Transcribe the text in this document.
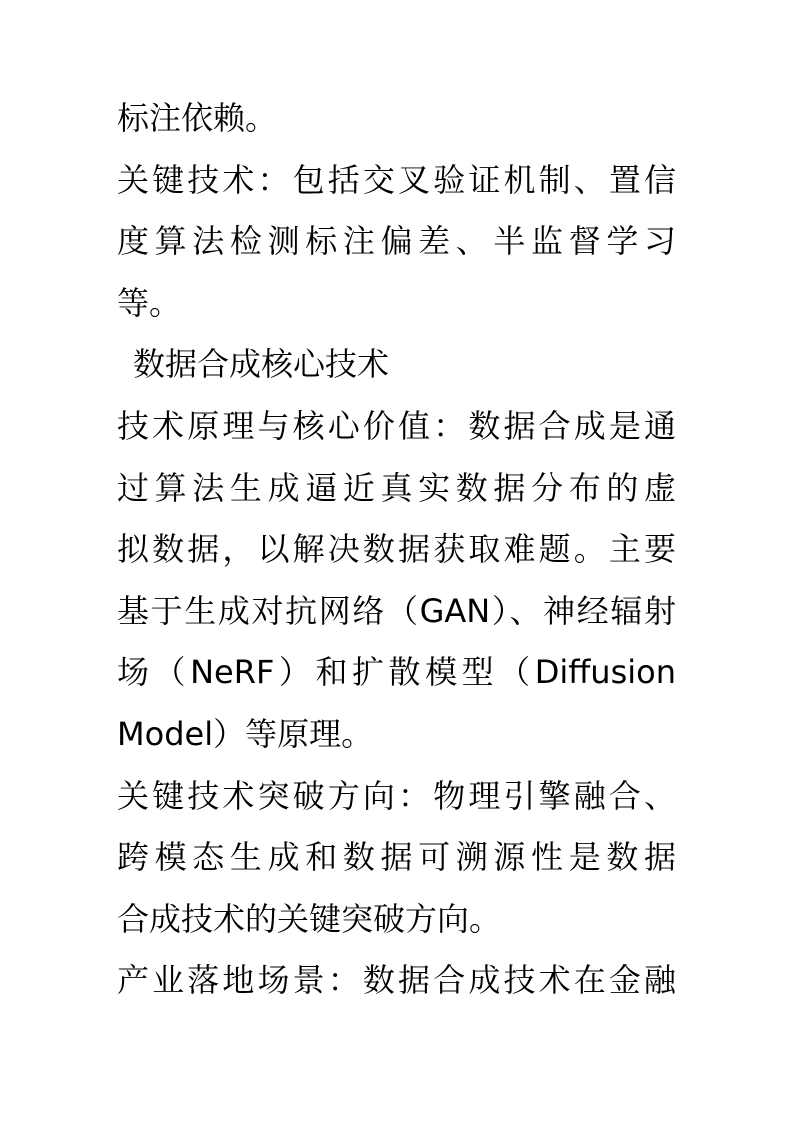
标注依赖。
关键技术：包括交叉验证机制、置信
度算法检测标注偏差、半监督学习
等。
数据合成核心技术
技术原理与核心价值：数据合成是通
过算法生成逼近真实数据分布的虚
拟数据，以解决数据获取难题。主要
基于生成对抗网络（GAN）、神经辐射
场（NeRF）和扩散模型（Diffusion
Model）等原理。
关键技术突破方向：物理引擎融合、
跨模态生成和数据可溯源性是数据
合成技术的关键突破方向。
产业落地场景：数据合成技术在金融
